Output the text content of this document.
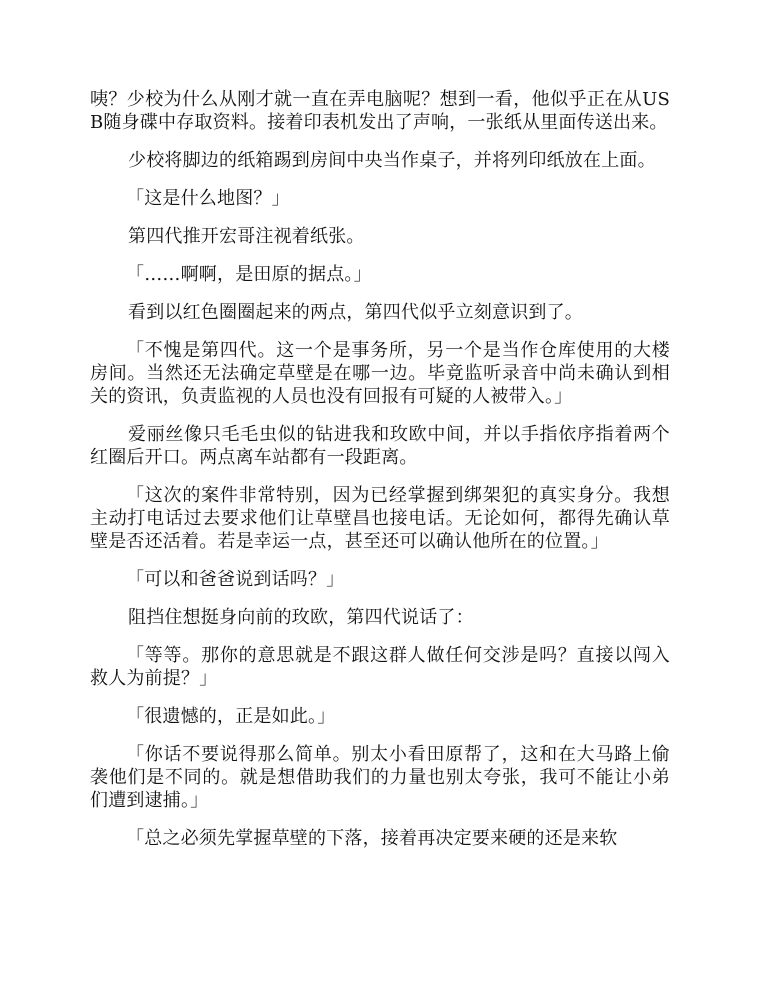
咦？少校为什么从刚才就一直在弄电脑呢？想到一看，他似乎正在从USB随身碟中存取资料。接着印表机发出了声响，一张纸从里面传送出来。

少校将脚边的纸箱踢到房间中央当作桌子，并将列印纸放在上面。

「这是什么地图？」

第四代推开宏哥注视着纸张。

「……啊啊，是田原的据点。」

看到以红色圈圈起来的两点，第四代似乎立刻意识到了。

「不愧是第四代。这一个是事务所，另一个是当作仓库使用的大楼房间。当然还无法确定草壁是在哪一边。毕竟监听录音中尚未确认到相关的资讯，负责监视的人员也没有回报有可疑的人被带入。」

爱丽丝像只毛毛虫似的钻进我和玫欧中间，并以手指依序指着两个红圈后开口。两点离车站都有一段距离。

「这次的案件非常特别，因为已经掌握到绑架犯的真实身分。我想主动打电话过去要求他们让草壁昌也接电话。无论如何，都得先确认草壁是否还活着。若是幸运一点，甚至还可以确认他所在的位置。」

「可以和爸爸说到话吗？」

阻挡住想挺身向前的玫欧，第四代说话了：

「等等。那你的意思就是不跟这群人做任何交涉是吗？直接以闯入救人为前提？」

「很遗憾的，正是如此。」

「你话不要说得那么简单。别太小看田原帮了，这和在大马路上偷袭他们是不同的。就是想借助我们的力量也别太夸张，我可不能让小弟们遭到逮捕。」

「总之必须先掌握草壁的下落，接着再决定要来硬的还是来软
